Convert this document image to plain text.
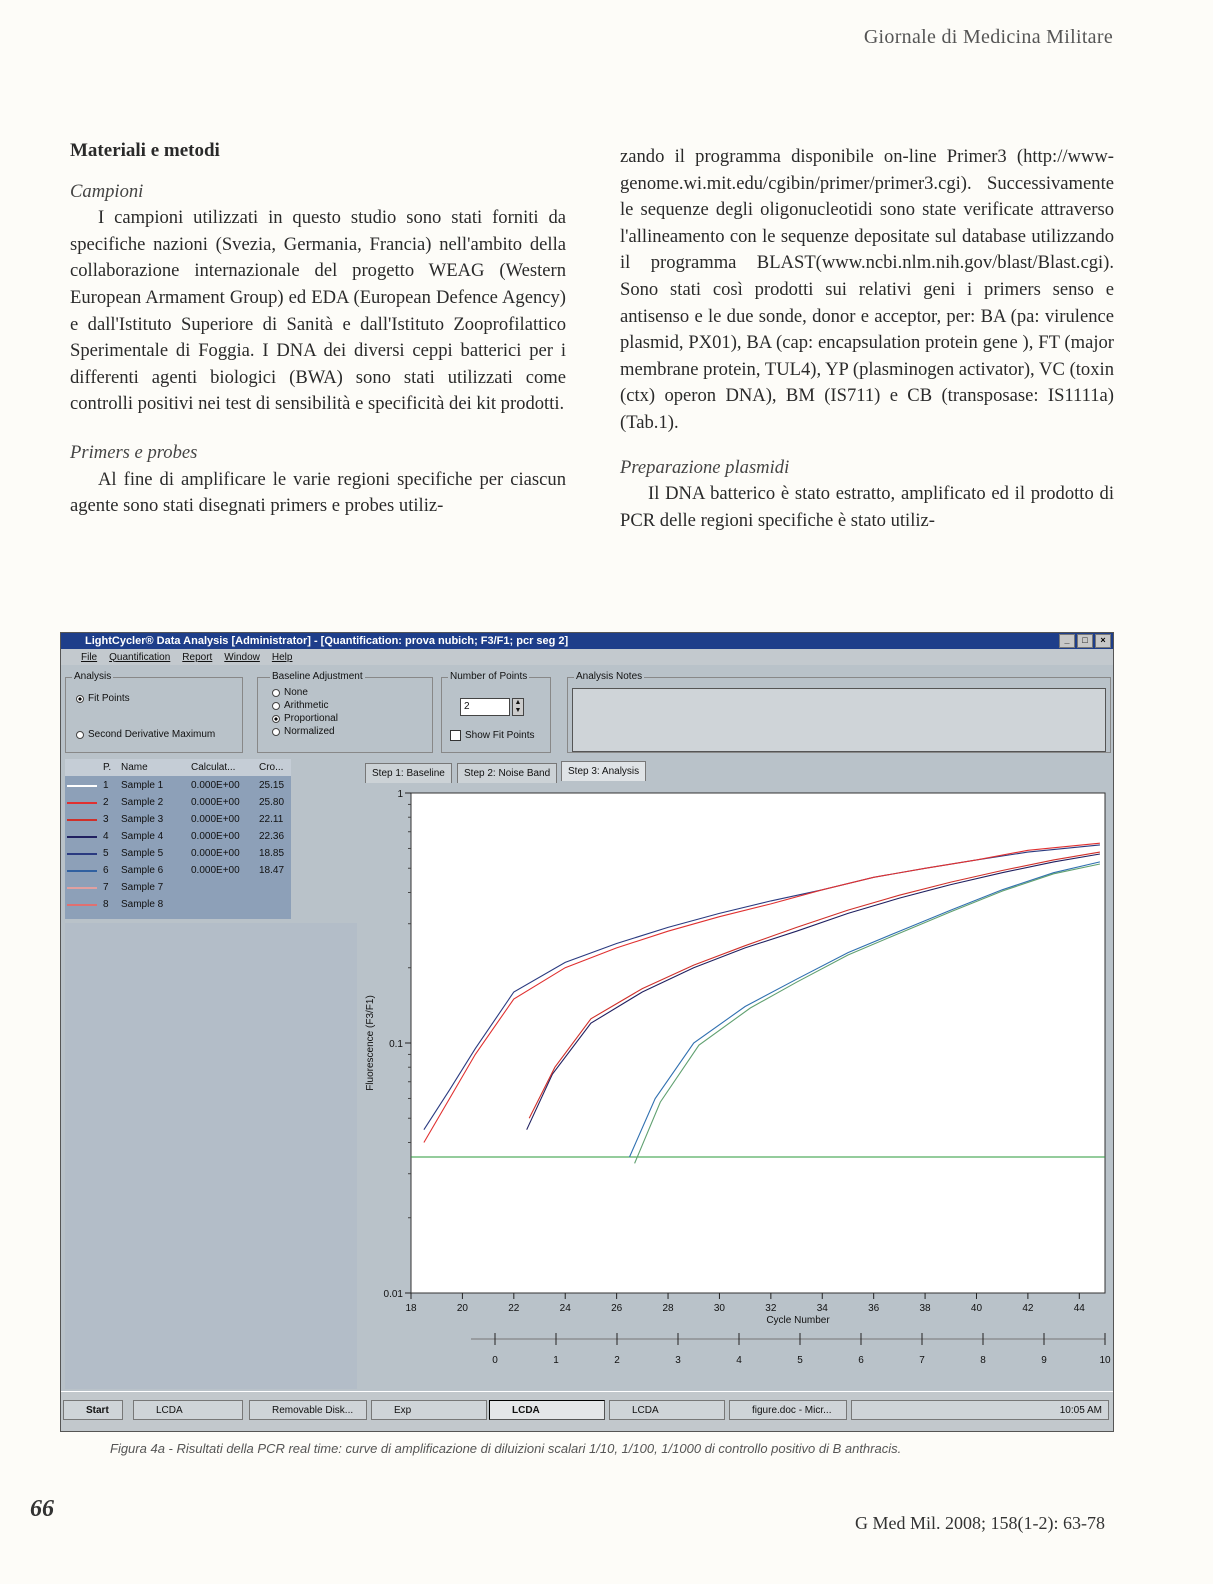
Giornale di Medicina Militare

Materiali e metodi

Campioni

I campioni utilizzati in questo studio sono stati forniti da specifiche nazioni (Svezia, Germania, Francia) nell'ambito della collaborazione internazionale del progetto WEAG (Western European Armament Group) ed EDA (European Defence Agency) e dall'Istituto Superiore di Sanità e dall'Istituto Zooprofilattico Sperimentale di Foggia. I DNA dei diversi ceppi batterici per i differenti agenti biologici (BWA) sono stati utilizzati come controlli positivi nei test di sensibilità e specificità dei kit prodotti.

Primers e probes

Al fine di amplificare le varie regioni specifiche per ciascun agente sono stati disegnati primers e probes utiliz-

zando il programma disponibile on-line Primer3 (http://www-genome.wi.mit.edu/cgibin/primer/primer3.cgi). Successivamente le sequenze degli oligonucleotidi sono state verificate attraverso l'allineamento con le sequenze depositate sul database utilizzando il programma BLAST(www.ncbi.nlm.nih.gov/blast/Blast.cgi). Sono stati così prodotti sui relativi geni i primers senso e antisenso e le due sonde, donor e acceptor, per: BA (pa: virulence plasmid, PX01), BA (cap: encapsulation protein gene ), FT (major membrane protein, TUL4), YP (plasminogen activator), VC (toxin (ctx) operon DNA), BM (IS711) e CB (transposase: IS1111a) (Tab.1).

Preparazione plasmidi

Il DNA batterico è stato estratto, amplificato ed il prodotto di PCR delle regioni specifiche è stato utiliz-

LightCycler® Data Analysis [Administrator] - [Quantification: prova nubich; F3/F1; pcr seg 2]	_	□	×
File Quantification Report Window Help
Analysis
Fit Points
Second Derivative Maximum
Baseline Adjustment
None
Arithmetic
Proportional
Normalized
Number of Points
2	▲
▼
Show Fit Points
Analysis Notes
P. Name	Calculat... Cro...
1 Sample 1	0.000E+00 25.15
2 Sample 2	0.000E+00 25.80
3 Sample 3	0.000E+00 22.11
4 Sample 4	0.000E+00 22.36
5 Sample 5	0.000E+00 18.85
6 Sample 6	0.000E+00 18.47
7 Sample 7
8 Sample 8
Step 1: Baseline	Step 2: Noise Band	Step 3: Analysis
1
0.1
0.01
18	20	22	24	26	28	30	32	34	36	38	40	42	44
Cycle Number
Fluorescence (F3/F1)
0	1	2	3	4	5	6	7	8	9	10
Start	LCDA	Removable Disk...	Exp	LCDA	LCDA	figure.doc - Micr...	10:05 AM
Figura 4a - Risultati della PCR real time: curve di amplificazione di diluizioni scalari 1/10, 1/100, 1/1000 di controllo positivo di B anthracis.
66
G Med Mil. 2008; 158(1-2): 63-78
